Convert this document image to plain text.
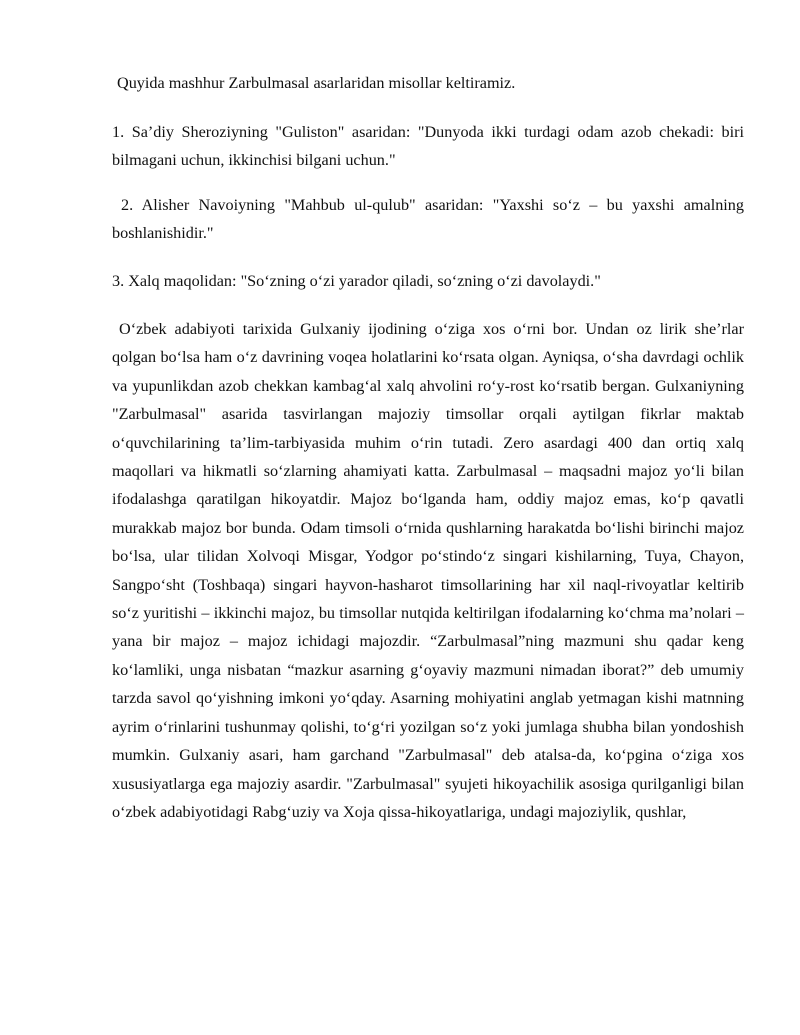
Quyida mashhur Zarbulmasal asarlaridan misollar keltiramiz.

1. Sa’diy Sheroziyning "Guliston" asaridan: "Dunyoda ikki turdagi odam azob chekadi: biri bilmagani uchun, ikkinchisi bilgani uchun."

2. Alisher Navoiyning "Mahbub ul-qulub" asaridan: "Yaxshi so‘z – bu yaxshi amalning boshlanishidir."

3. Xalq maqolidan: "So‘zning o‘zi yarador qiladi, so‘zning o‘zi davolaydi."

O‘zbek adabiyoti tarixida Gulxaniy ijodining o‘ziga xos o‘rni bor. Undan oz lirik she’rlar qolgan bo‘lsa ham o‘z davrining voqea holatlarini ko‘rsata olgan. Ayniqsa, o‘sha davrdagi ochlik va yupunlikdan azob chekkan kambag‘al xalq ahvolini ro‘y-rost ko‘rsatib bergan. Gulxaniyning "Zarbulmasal" asarida tasvirlangan majoziy timsollar orqali aytilgan fikrlar maktab o‘quvchilarining ta’lim-tarbiyasida muhim o‘rin tutadi. Zero asardagi 400 dan ortiq xalq maqollari va hikmatli so‘zlarning ahamiyati katta. Zarbulmasal – maqsadni majoz yo‘li bilan ifodalashga qaratilgan hikoyatdir. Majoz bo‘lganda ham, oddiy majoz emas, ko‘p qavatli murakkab majoz bor bunda. Odam timsoli o‘rnida qushlarning harakatda bo‘lishi birinchi majoz bo‘lsa, ular tilidan Xolvoqi Misgar, Yodgor po‘stindo‘z singari kishilarning, Tuya, Chayon, Sangpo‘sht (Toshbaqa) singari hayvon-hasharot timsollarining har xil naql-rivoyatlar keltirib so‘z yuritishi – ikkinchi majoz, bu timsollar nutqida keltirilgan ifodalarning ko‘chma ma’nolari – yana bir majoz – majoz ichidagi majozdir. “Zarbulmasal”ning mazmuni shu qadar keng ko‘lamliki, unga nisbatan “mazkur asarning g‘oyaviy mazmuni nimadan iborat?” deb umumiy tarzda savol qo‘yishning imkoni yo‘qday. Asarning mohiyatini anglab yetmagan kishi matnning ayrim o‘rinlarini tushunmay qolishi, to‘g‘ri yozilgan so‘z yoki jumlaga shubha bilan yondoshish mumkin. Gulxaniy asari, ham garchand "Zarbulmasal" deb atalsa-da, ko‘pgina o‘ziga xos xususiyatlarga ega majoziy asardir. "Zarbulmasal" syujeti hikoyachilik asosiga qurilganligi bilan o‘zbek adabiyotidagi Rabg‘uziy va Xoja qissa-hikoyatlariga, undagi majoziylik, qushlar,
